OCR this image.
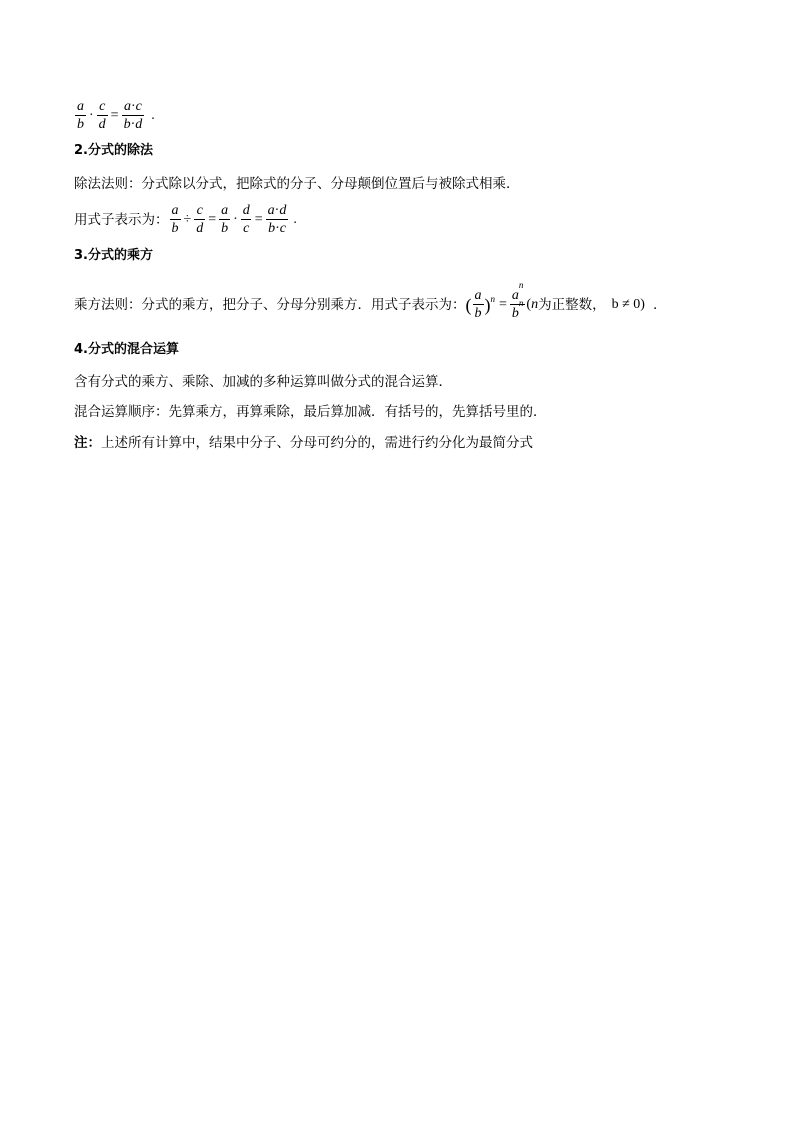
$\frac{a}{b} \cdot \frac{c}{d} = \frac{a\cdot c}{b\cdot d}$ .
2.分式的除法
除法法则：分式除以分式，把除式的分子、分母颠倒位置后与被除式相乘．
用式子表示为： $\frac{a}{b} \div \frac{c}{d} = \frac{a}{b} \cdot \frac{d}{c} = \frac{a\cdot d}{b\cdot c}$ .
3.分式的乘方
乘方法则：分式的乘方，把分子、分母分别乘方．用式子表示为： ( $\frac{a}{b}$ ) $n = \frac{a^n}{b^n}$ ( n 为正整数， b ≠ 0) .
4.分式的混合运算
含有分式的乘方、乘除、加减的多种运算叫做分式的混合运算．
混合运算顺序：先算乘方，再算乘除，最后算加减．有括号的，先算括号里的．
注： 上述所有计算中，结果中分子、分母可约分的，需进行约分化为最简分式
